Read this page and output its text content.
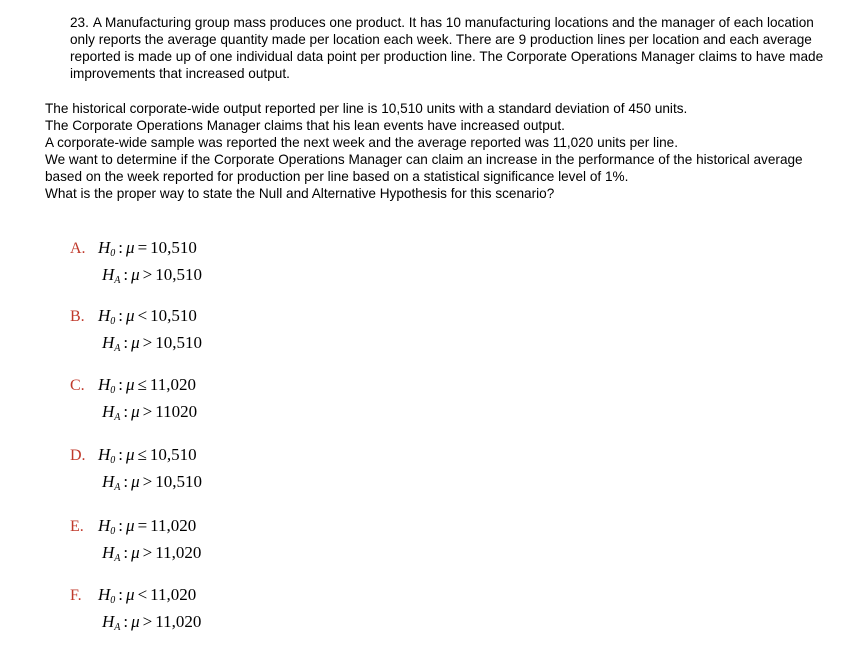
23. A Manufacturing group mass produces one product. It has 10 manufacturing locations and the manager of each location only reports the average quantity made per location each week. There are 9 production lines per location and each average reported is made up of one individual data point per production line. The Corporate Operations Manager claims to have made improvements that increased output.

The historical corporate-wide output reported per line is 10,510 units with a standard deviation of 450 units.

The Corporate Operations Manager claims that his lean events have increased output.

A corporate-wide sample was reported the next week and the average reported was 11,020 units per line.

We want to determine if the Corporate Operations Manager can claim an increase in the performance of the historical average based on the week reported for production per line based on a statistical significance level of 1%.

What is the proper way to state the Null and Alternative Hypothesis for this scenario?

A. $H_0$ : μ = 10,510
$H_A$ : μ > 10,510
B. $H_0$ : μ < 10,510
$H_A$ : μ > 10,510
C. $H_0$ : μ ≤ 11,020
$H_A$ : μ > 11020
D. $H_0$ : μ ≤ 10,510
$H_A$ : μ > 10,510
E. $H_0$ : μ = 11,020
$H_A$ : μ > 11,020
F. $H_0$ : μ < 11,020
$H_A$ : μ > 11,020
